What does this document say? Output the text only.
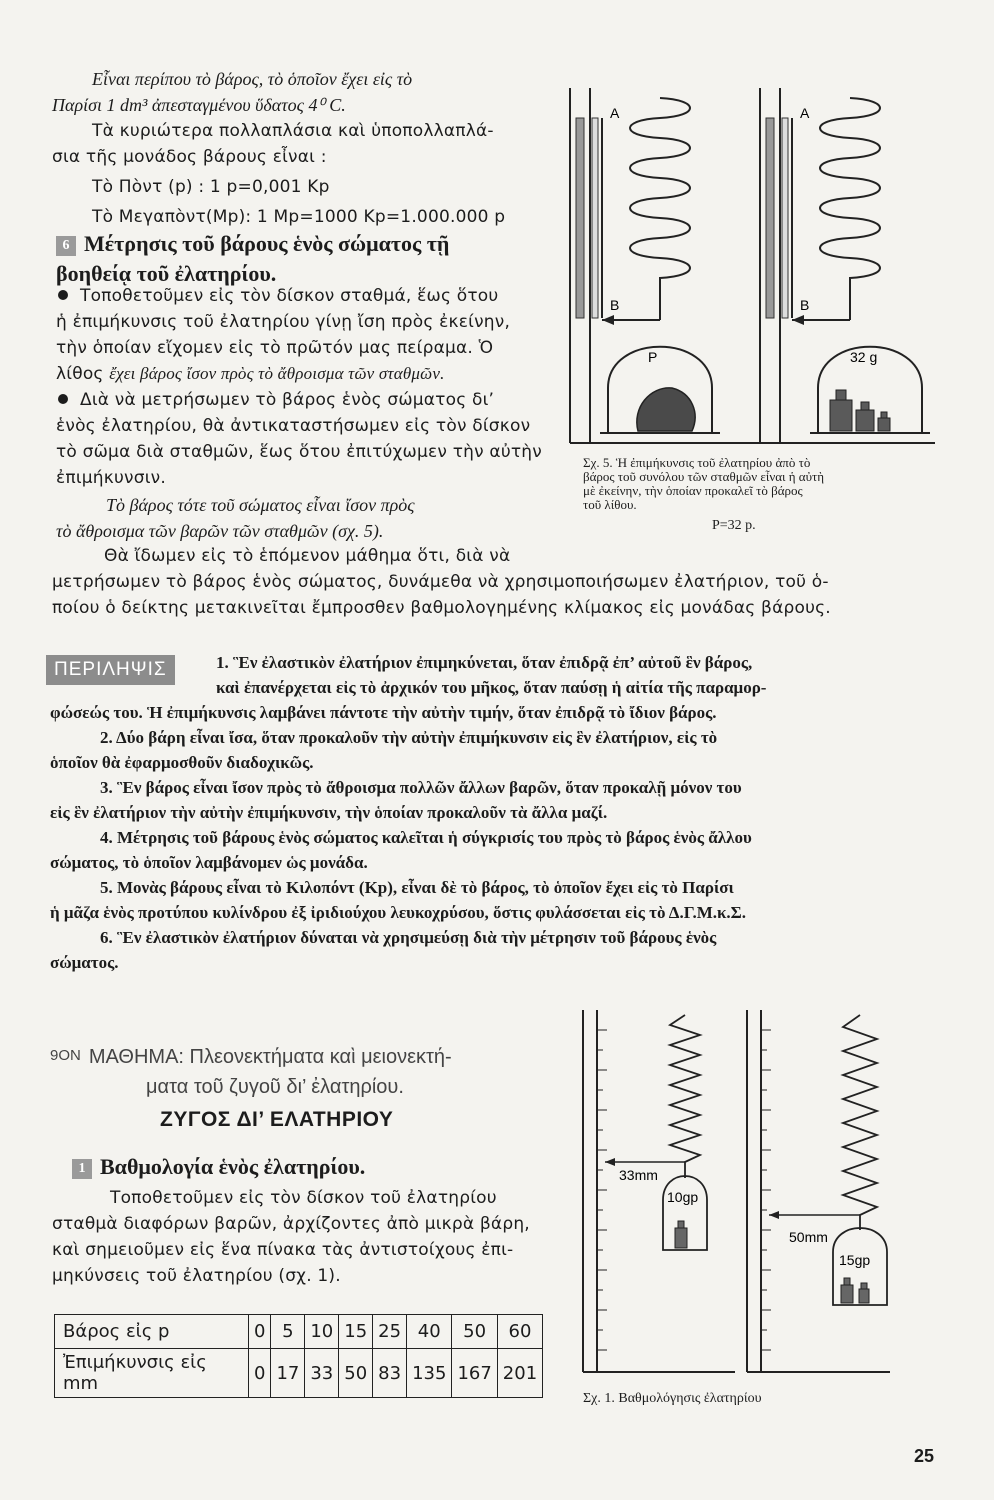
Εἶναι περίπου τὸ βάρος, τὸ ὁποῖον ἔχει εἰς τὸ
Παρίσι 1 dm³ ἀπεσταγμένου ὕδατος 4⁰ C.
Τὰ κυριώτερα πολλαπλάσια καὶ ὑποπολλαπλά-
σια τῆς μονάδος βάρους εἶναι :
Τὸ Πὸντ (p) : 1 p=0,001 Kp
Τὸ Μεγαπὸντ(Mp): 1 Mp=1000 Kp=1.000.000 p
6 Μέτρησις τοῦ βάρους ἑνὸς σώματος τῇ
βοηθείᾳ τοῦ ἐλατηρίου.
Τοποθετοῦμεν εἰς τὸν δίσκον σταθμά, ἕως ὅτου
ἡ ἐπιμήκυνσις τοῦ ἐλατηρίου γίνῃ ἴση πρὸς ἐκείνην,
τὴν ὁποίαν εἴχομεν εἰς τὸ πρῶτόν μας πείραμα. Ὁ
λίθος ἔχει βάρος ἴσον πρὸς τὸ ἄθροισμα τῶν σταθμῶν.
Διὰ νὰ μετρήσωμεν τὸ βάρος ἑνὸς σώματος δι’
ἑνὸς ἐλατηρίου, θὰ ἀντικαταστήσωμεν εἰς τὸν δίσκον
τὸ σῶμα διὰ σταθμῶν, ἕως ὅτου ἐπιτύχωμεν τὴν αὐτὴν
ἐπιμήκυνσιν.
Τὸ βάρος τότε τοῦ σώματος εἶναι ἴσον πρὸς
τὸ ἄθροισμα τῶν βαρῶν τῶν σταθμῶν (σχ. 5).
Θὰ ἴδωμεν εἰς τὸ ἑπόμενον μάθημα ὅτι, διὰ νὰ
μετρήσωμεν τὸ βάρος ἑνὸς σώματος, δυνάμεθα νὰ χρησιμοποιήσωμεν ἐλατήριον, τοῦ ὁ-
ποίου ὁ δείκτης μετακινεῖται ἔμπροσθεν βαθμολογημένης κλίμακος εἰς μονάδας βάρους.
A
B
P
A
B
32 g
Σχ. 5. Ἡ ἐπιμήκυνσις τοῦ ἐλατηρίου ἀπὸ τὸ
βάρος τοῦ συνόλου τῶν σταθμῶν εἶναι ἡ αὐτὴ
μὲ ἐκείνην, τὴν ὁποίαν προκαλεῖ τὸ βάρος
τοῦ λίθου.
P=32 p.
ΠΕΡΙΛΗΨΙΣ	1. Ἓν ἐλαστικὸν ἐλατήριον ἐπιμηκύνεται, ὅταν ἐπιδρᾷ ἐπ’ αὐτοῦ ἓν βάρος,

καὶ ἐπανέρχεται εἰς τὸ ἀρχικόν του μῆκος, ὅταν παύσῃ ἡ αἰτία τῆς παραμορ-

φώσεώς του. Ἡ ἐπιμήκυνσις λαμβάνει πάντοτε τὴν αὐτὴν τιμήν, ὅταν ἐπιδρᾷ τὸ ἴδιον βάρος.

2. Δύο βάρη εἶναι ἴσα, ὅταν προκαλοῦν τὴν αὐτὴν ἐπιμήκυνσιν εἰς ἓν ἐλατήριον, εἰς τὸ

ὁποῖον θὰ ἐφαρμοσθοῦν διαδοχικῶς.

3. Ἓν βάρος εἶναι ἴσον πρὸς τὸ ἄθροισμα πολλῶν ἄλλων βαρῶν, ὅταν προκαλῇ μόνον του

εἰς ἓν ἐλατήριον τὴν αὐτὴν ἐπιμήκυνσιν, τὴν ὁποίαν προκαλοῦν τὰ ἄλλα μαζί.

4. Μέτρησις τοῦ βάρους ἑνὸς σώματος καλεῖται ἡ σύγκρισίς του πρὸς τὸ βάρος ἑνὸς ἄλλου

σώματος, τὸ ὁποῖον λαμβάνομεν ὡς μονάδα.

5. Μονὰς βάρους εἶναι τὸ Κιλοπόντ (Kp), εἶναι δὲ τὸ βάρος, τὸ ὁποῖον ἔχει εἰς τὸ Παρίσι

ἡ μᾶζα ἑνὸς προτύπου κυλίνδρου ἐξ ἰριδιούχου λευκοχρύσου, ὅστις φυλάσσεται εἰς τὸ Δ.Γ.Μ.κ.Σ.

6. Ἓν ἐλαστικὸν ἐλατήριον δύναται νὰ χρησιμεύσῃ διὰ τὴν μέτρησιν τοῦ βάρους ἑνὸς

σώματος.

9ON ΜΑΘΗΜΑ: Πλεονεκτήματα καὶ μειονεκτή-
ματα τοῦ ζυγοῦ δι’ ἐλατηρίου.
ΖΥΓΟΣ ΔΙ’ ΕΛΑΤΗΡΙΟΥ
1 Βαθμολογία ἑνὸς ἐλατηρίου.
Τοποθετοῦμεν εἰς τὸν δίσκον τοῦ ἐλατηρίου
σταθμὰ διαφόρων βαρῶν, ἀρχίζοντες ἀπὸ μικρὰ βάρη,
καὶ σημειοῦμεν εἰς ἕνα πίνακα τὰς ἀντιστοίχους ἐπι-
μηκύνσεις τοῦ ἐλατηρίου (σχ. 1).
Βάρος εἰς p	0	5	10	15	25	40	50	60
Ἐπιμήκυνσις εἰς mm	0	17	33	50	83	135	167	201
33mm
10gp
50mm
15gp
Σχ. 1. Βαθμολόγησις ἐλατηρίου
25
